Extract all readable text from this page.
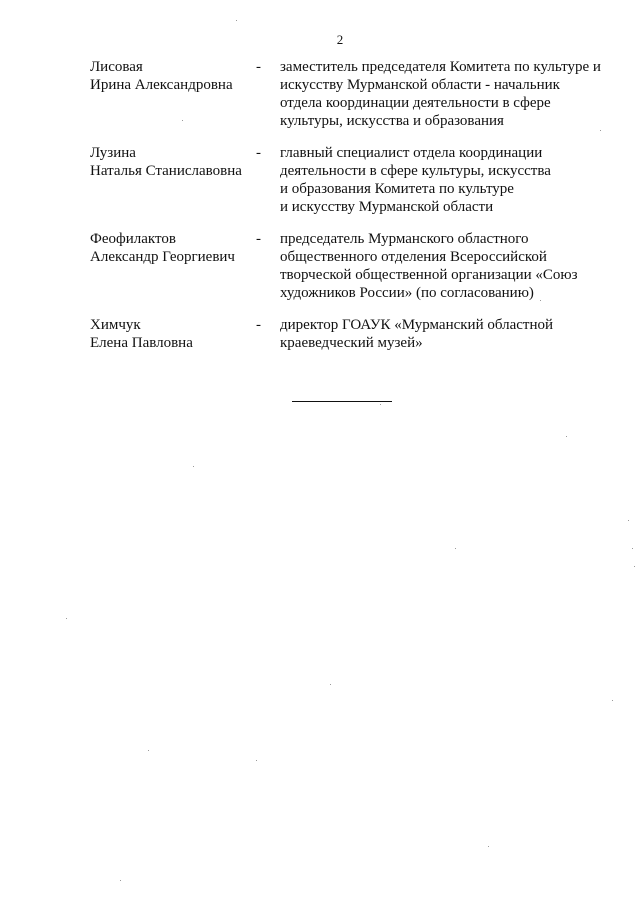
2
Лисовая
Ирина Александровна
- заместитель председателя Комитета по культуре и
искусству Мурманской области - начальник
отдела координации деятельности в сфере
культуры, искусства и образования
Лузина
Наталья Станиславовна
- главный специалист отдела координации
деятельности в сфере культуры, искусства
и образования Комитета по культуре
и искусству Мурманской области
Феофилактов
Александр Георгиевич
- председатель Мурманского областного
общественного отделения Всероссийской
творческой общественной организации «Союз
художников России» (по согласованию)
Химчук
Елена Павловна
- директор ГОАУК «Мурманский областной
краеведческий музей»
